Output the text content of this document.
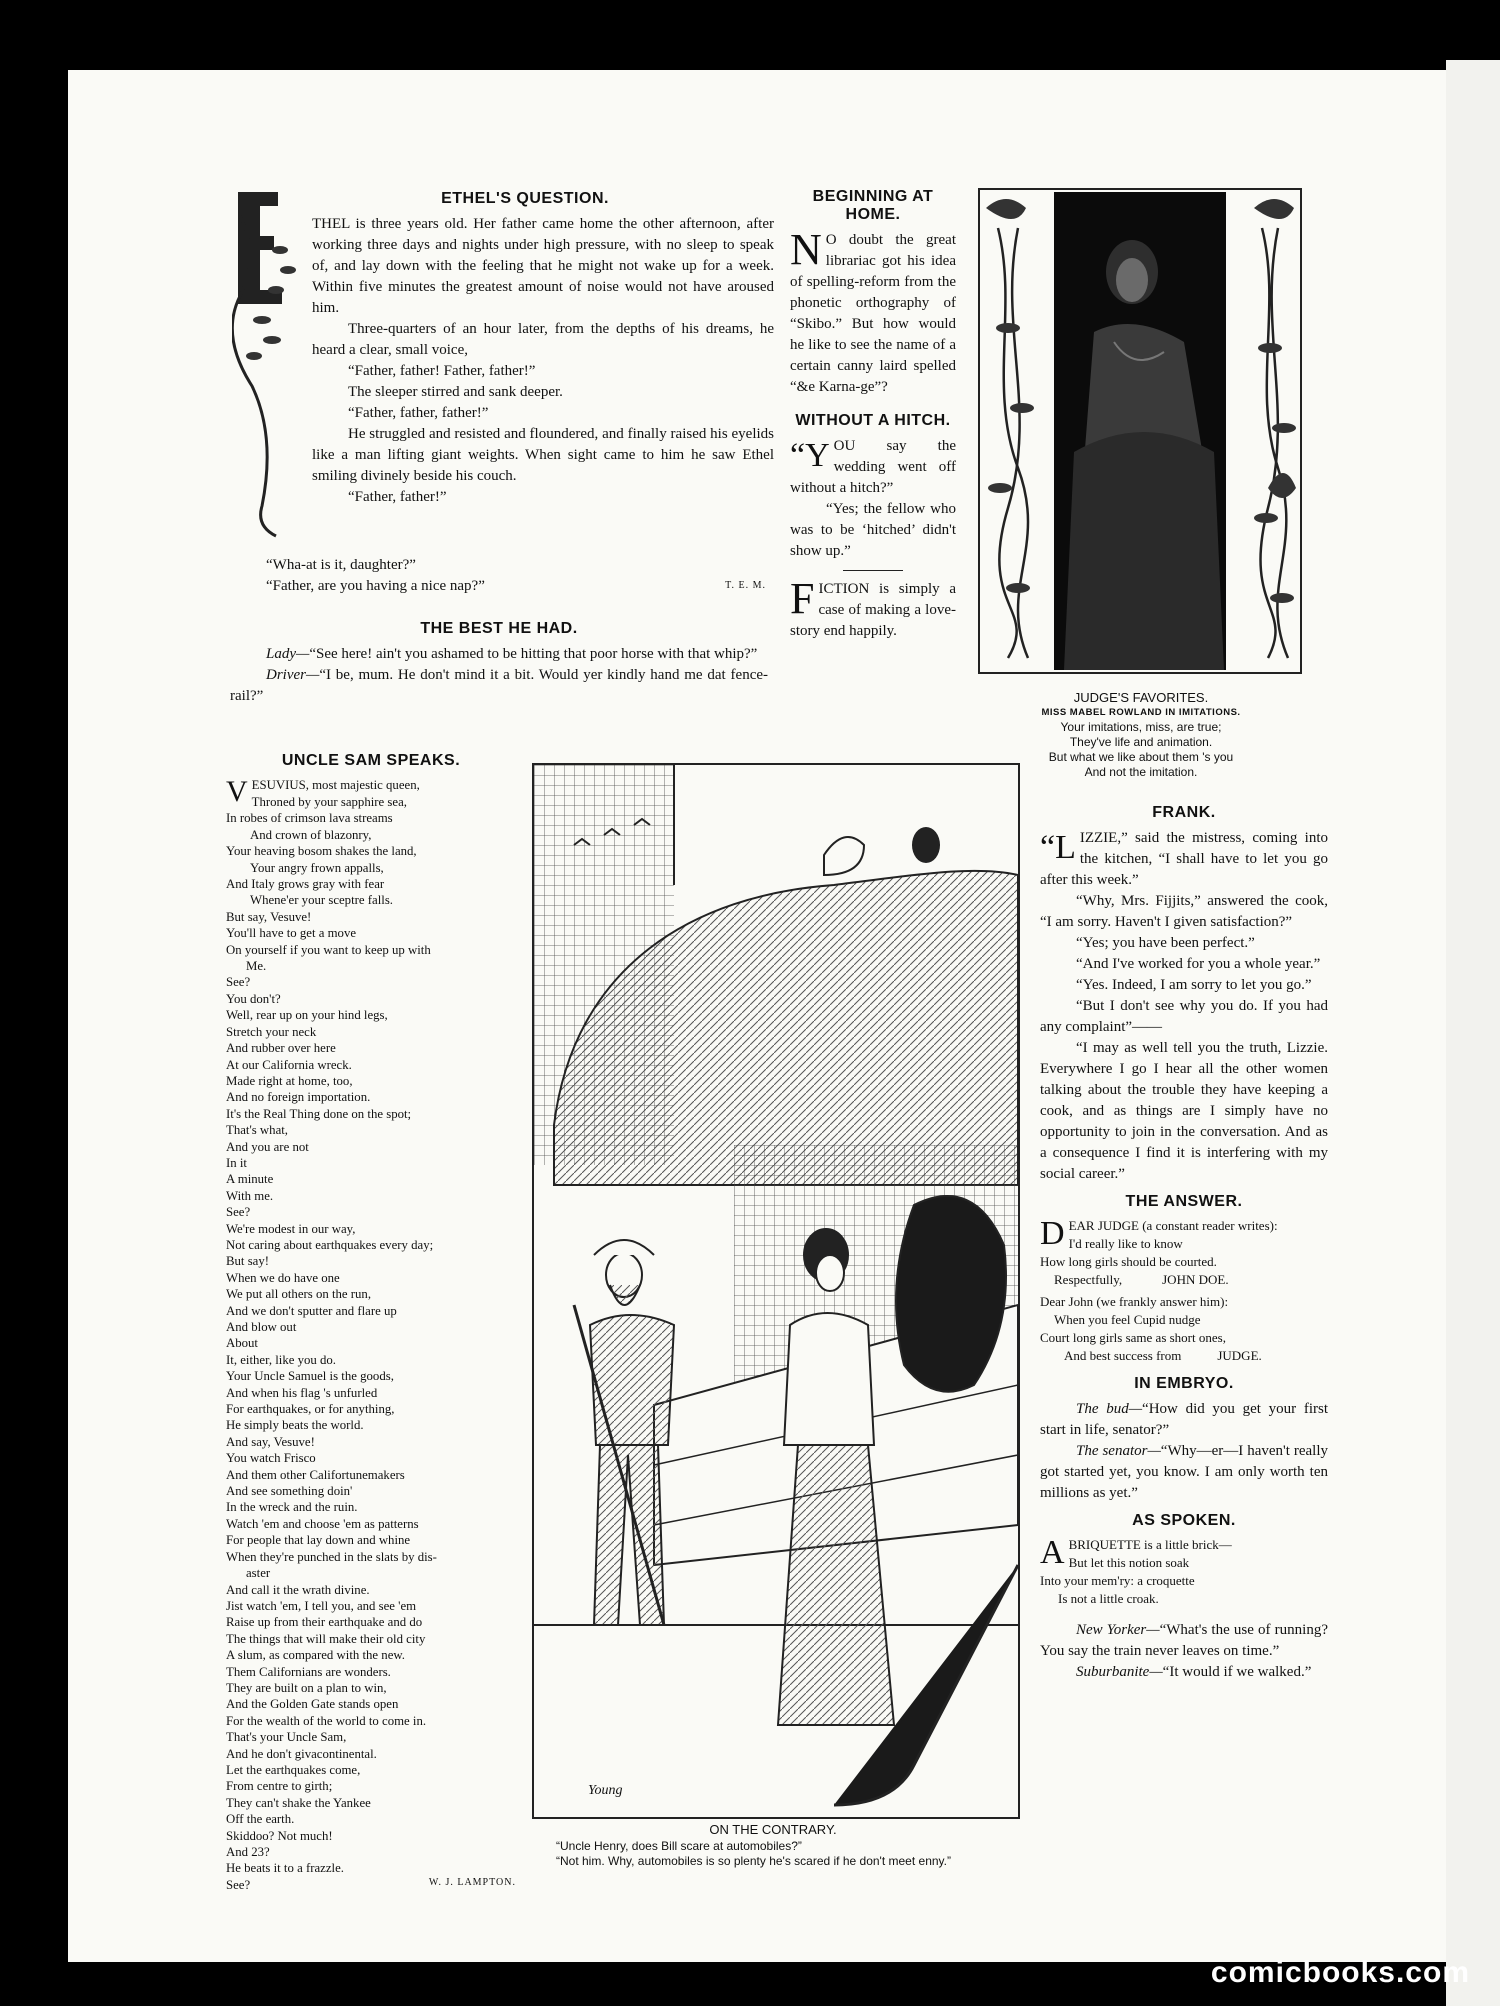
ETHEL'S QUESTION.

THEL is three years old. Her father came home the other afternoon, after working three days and nights under high pressure, with no sleep to speak of, and lay down with the feeling that he might not wake up for a week. Within five minutes the greatest amount of noise would not have aroused him.

Three-quarters of an hour later, from the depths of his dreams, he heard a clear, small voice,

“Father, father! Father, father!”

The sleeper stirred and sank deeper.

“Father, father, father!”

He struggled and resisted and floundered, and finally raised his eyelids like a man lifting giant weights. When sight came to him he saw Ethel smiling divinely beside his couch.

“Father, father!”

“Wha-at is it, daughter?”

“Father, are you having a nice nap?”	T. E. M.
THE BEST HE HAD.

Lady—“See here! ain't you ashamed to be hitting that poor horse with that whip?”

Driver—“I be, mum. He don't mind it a bit. Would yer kindly hand me dat fence-rail?”

BEGINNING AT HOME.

N O doubt the great librariac got his idea of spelling-reform from the phonetic orthography of “Skibo.” But how would he like to see the name of a certain canny laird spelled “&e Karna-ge”?

WITHOUT A HITCH.

“YOU say the wedding went off without a hitch?”

“Yes; the fellow who was to be ‘hitched’ didn't show up.”

FICTION is simply a case of making a love-story end happily.

JUDGE'S FAVORITES.
MISS MABEL ROWLAND IN IMITATIONS.
Your imitations, miss, are true;
They've life and animation.
But what we like about them 's you
And not the imitation.
UNCLE SAM SPEAKS.
V ESUVIUS, most majestic queen,
Throned by your sapphire sea,
In robes of crimson lava streams
And crown of blazonry,
Your heaving bosom shakes the land,
Your angry frown appalls,
And Italy grows gray with fear
Whene'er your sceptre falls.
But say, Vesuve!
You'll have to get a move
On yourself if you want to keep up with
Me.
See?
You don't?
Well, rear up on your hind legs,
Stretch your neck
And rubber over here
At our California wreck.
Made right at home, too,
And no foreign importation.
It's the Real Thing done on the spot;
That's what,
And you are not
In it
A minute
With me.
See?
We're modest in our way,
Not caring about earthquakes every day;
But say!
When we do have one
We put all others on the run,
And we don't sputter and flare up
And blow out
About
It, either, like you do.
Your Uncle Samuel is the goods,
And when his flag 's unfurled
For earthquakes, or for anything,
He simply beats the world.
And say, Vesuve!
You watch Frisco
And them other Califortunemakers
And see something doin'
In the wreck and the ruin.
Watch 'em and choose 'em as patterns
For people that lay down and whine
When they're punched in the slats by dis-
aster
And call it the wrath divine.
Jist watch 'em, I tell you, and see 'em
Raise up from their earthquake and do
The things that will make their old city
A slum, as compared with the new.
Them Californians are wonders.
They are built on a plan to win,
And the Golden Gate stands open
For the wealth of the world to come in.
That's your Uncle Sam,
And he don't givacontinental.
Let the earthquakes come,
From centre to girth;
They can't shake the Yankee
Off the earth.
Skiddoo? Not much!
And 23?
He beats it to a frazzle.
See?	W. J. LAMPTON.
Young
ON THE CONTRARY.
“Uncle Henry, does Bill scare at automobiles?”
“Not him. Why, automobiles is so plenty he's scared if he don't meet enny.”
FRANK.

“LIZZIE,” said the mistress, coming into the kitchen, “I shall have to let you go after this week.”

“Why, Mrs. Fijjits,” answered the cook, “I am sorry. Haven't I given satisfaction?”

“Yes; you have been perfect.”

“And I've worked for you a whole year.”

“Yes. Indeed, I am sorry to let you go.”

“But I don't see why you do. If you had any complaint”——

“I may as well tell you the truth, Lizzie. Everywhere I go I hear all the other women talking about the trouble they have keeping a cook, and as things are I simply have no opportunity to join in the conversation. And as a consequence I find it is interfering with my social career.”

THE ANSWER.
DEAR JUDGE (a constant reader writes):
I'd really like to know
How long girls should be courted.
Respectfully,	JOHN DOE.
Dear John (we frankly answer him):
When you feel Cupid nudge
Court long girls same as short ones,
And best success from	JUDGE.
IN EMBRYO.

The bud—“How did you get your first start in life, senator?”

The senator—“Why—er—I haven't really got started yet, you know. I am only worth ten millions as yet.”

AS SPOKEN.
ABRIQUETTE is a little brick—
But let this notion soak
Into your mem'ry: a croquette
Is not a little croak.

New Yorker—“What's the use of running? You say the train never leaves on time.”

Suburbanite—“It would if we walked.”

comicbooks.com
